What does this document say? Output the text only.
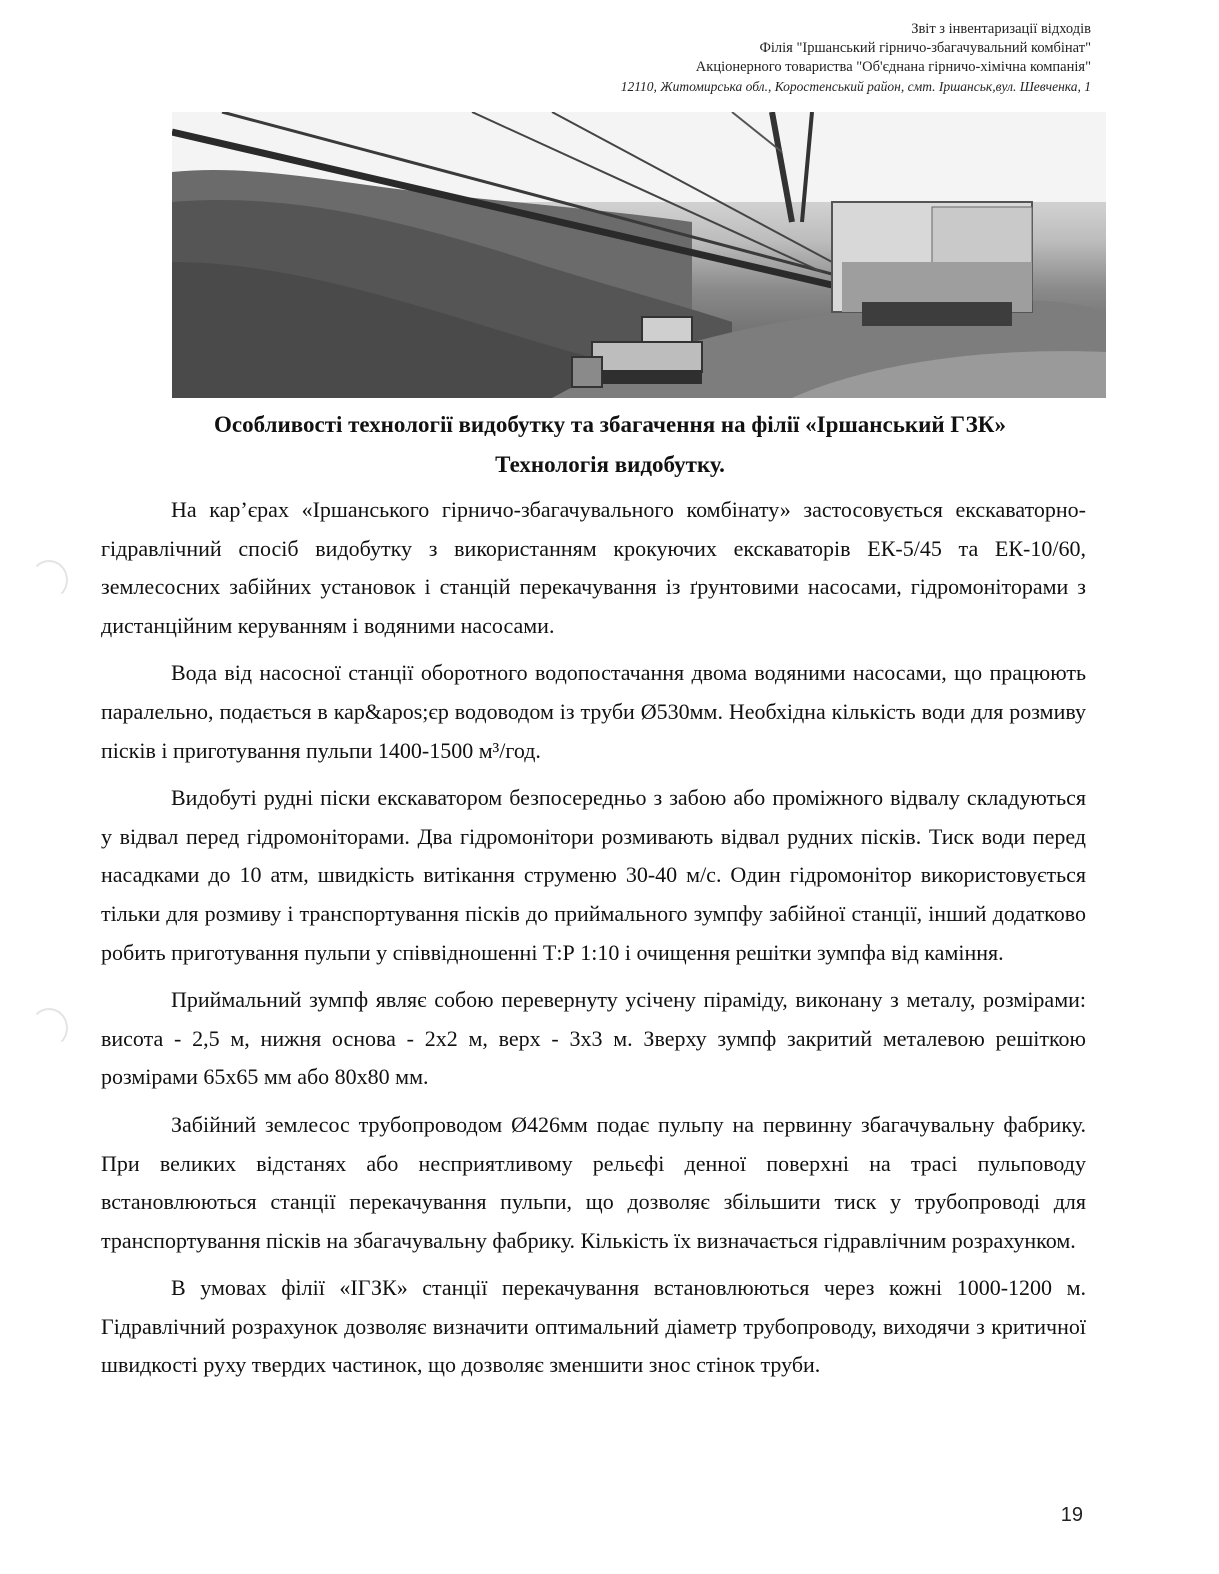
Звіт з інвентаризації відходів
Філія "Іршанський гірничо-збагачувальний комбінат"
Акціонерного товариства "Об'єднана гірничо-хімічна компанія"
12110, Житомирська обл., Коростенський район, смт. Іршанськ,вул. Шевченка, 1
Особливості технології видобутку та збагачення на філії «Іршанський ГЗК»
Технологія видобутку.

На кар’єрах «Іршанського гірничо-збагачувального комбінату» застосовується екскаваторно-гідравлічний спосіб видобутку з використанням крокуючих екскаваторів ЕК-5/45 та ЕК-10/60, землесосних забійних установок і станцій перекачування із ґрунтовими насосами, гідромоніторами з дистанційним керуванням і водяними насосами.

Вода від насосної станції оборотного водопостачання двома водяними насосами, що працюють паралельно, подається в кар&apos;єр водоводом із труби Ø530мм. Необхідна кількість води для розмиву пісків і приготування пульпи 1400-1500 м³/год.

Видобуті рудні піски екскаватором безпосередньо з забою або проміжного відвалу складуються у відвал перед гідромоніторами. Два гідромонітори розмивають відвал рудних пісків. Тиск води перед насадками до 10 атм, швидкість витікання струменю 30-40 м/с. Один гідромонітор використовується тільки для розмиву і транспортування пісків до приймального зумпфу забійної станції, інший додатково робить приготування пульпи у співвідношенні Т:Р 1:10 і очищення решітки зумпфа від каміння.

Приймальний зумпф являє собою перевернуту усічену піраміду, виконану з металу, розмірами: висота - 2,5 м, нижня основа - 2х2 м, верх - 3х3 м. Зверху зумпф закритий металевою решіткою розмірами 65х65 мм або 80х80 мм.

Забійний землесос трубопроводом Ø426мм подає пульпу на первинну збагачувальну фабрику. При великих відстанях або несприятливому рельєфі денної поверхні на трасі пульповоду встановлюються станції перекачування пульпи, що дозволяє збільшити тиск у трубопроводі для транспортування пісків на збагачувальну фабрику. Кількість їх визначається гідравлічним розрахунком.

В умовах філії «ІГЗК» станції перекачування встановлюються через кожні 1000-1200 м. Гідравлічний розрахунок дозволяє визначити оптимальний діаметр трубопроводу, виходячи з критичної швидкості руху твердих частинок, що дозволяє зменшити знос стінок труби.

19
